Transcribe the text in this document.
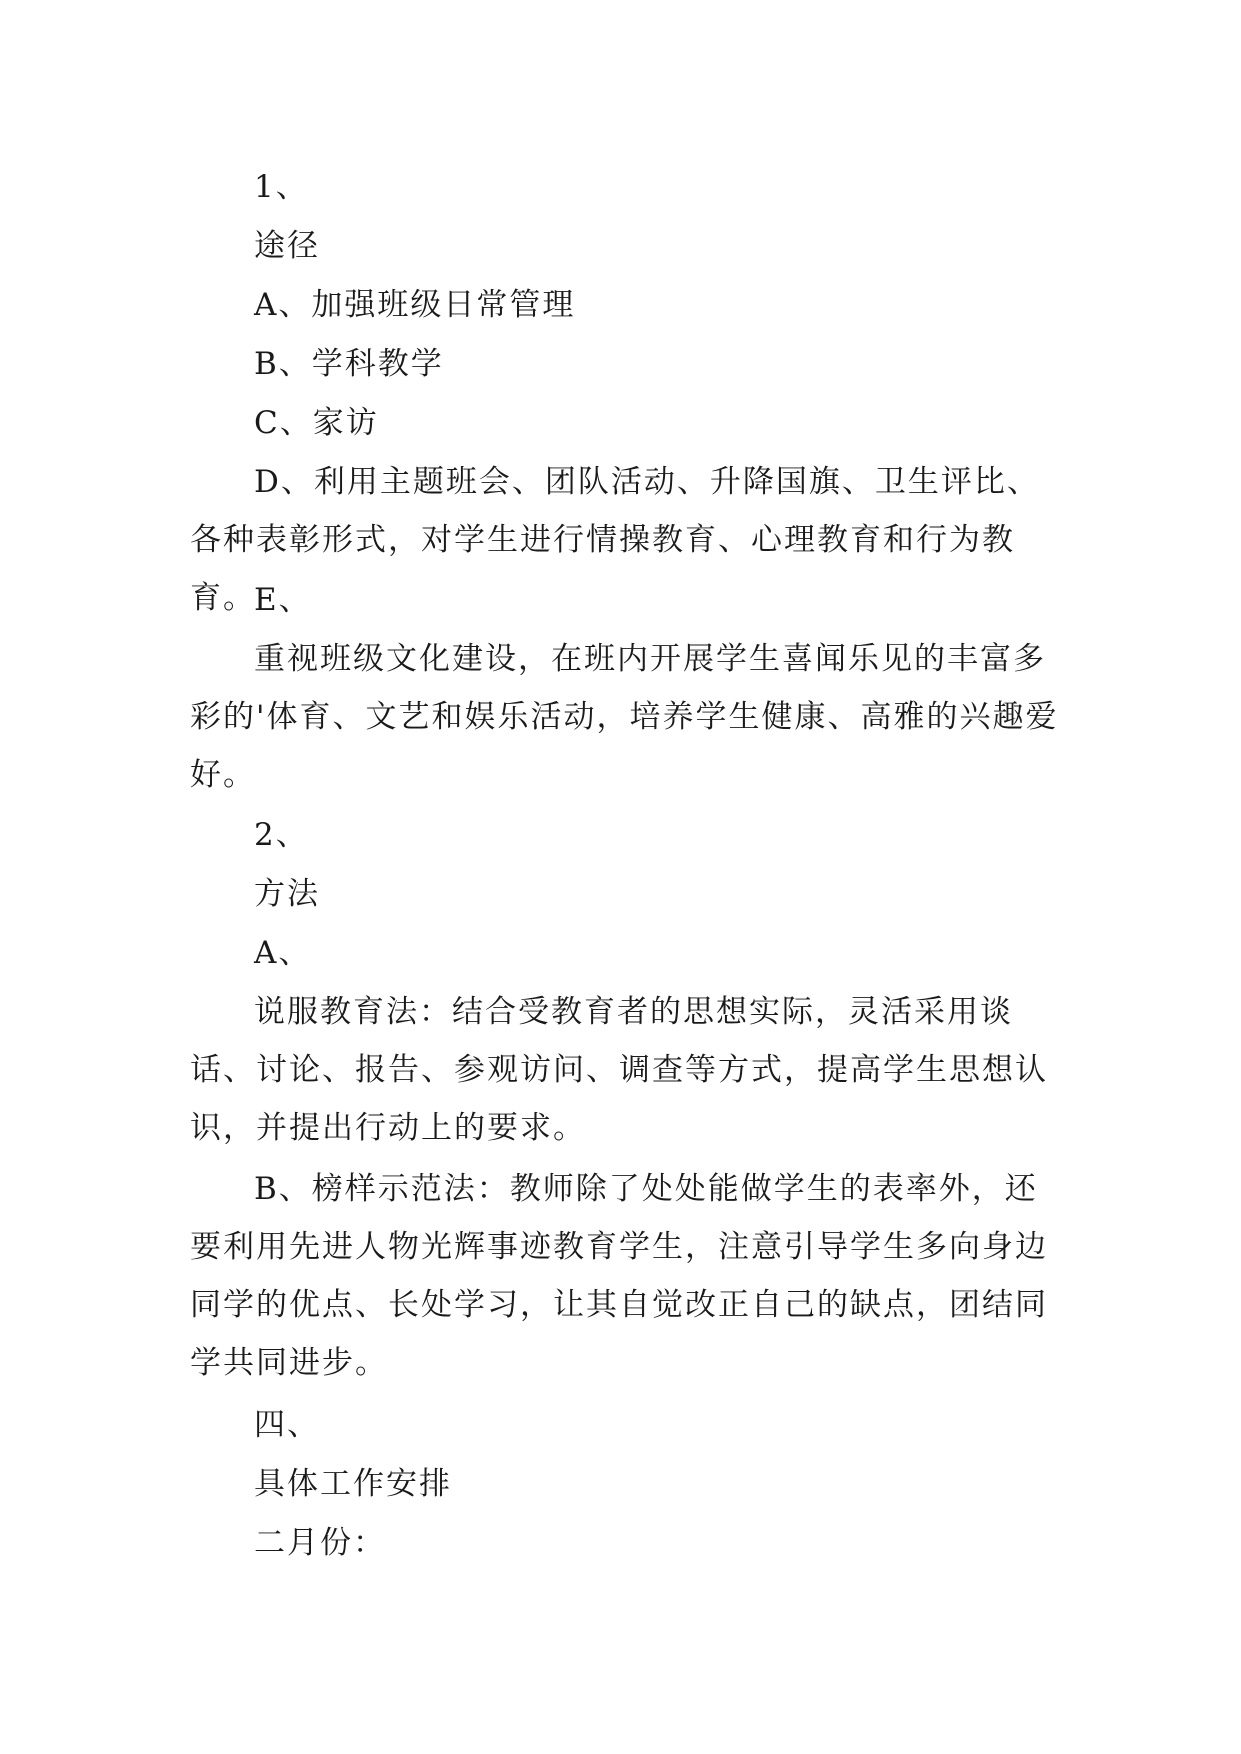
1、

途径

A、加强班级日常管理

B、学科教学

C、家访

D、利用主题班会、团队活动、升降国旗、卫生评比、各种表彰形式，对学生进行情操教育、心理教育和行为教育。

E、

重视班级文化建设，在班内开展学生喜闻乐见的丰富多彩的'体育、文艺和娱乐活动，培养学生健康、高雅的兴趣爱好。

2、

方法

A、

说服教育法：结合受教育者的思想实际，灵活采用谈话、讨论、报告、参观访问、调查等方式，提高学生思想认识，并提出行动上的要求。

B、榜样示范法：教师除了处处能做学生的表率外，还要利用先进人物光辉事迹教育学生，注意引导学生多向身边同学的优点、长处学习，让其自觉改正自己的缺点，团结同学共同进步。

四、

具体工作安排

二月份：
